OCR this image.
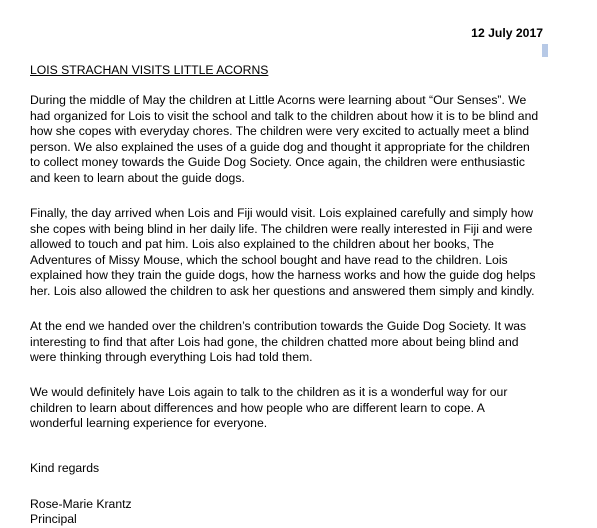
12 July 2017
LOIS STRACHAN VISITS LITTLE ACORNS

During the middle of May the children at Little Acorns were learning about “Our Senses”. We
had organized for Lois to visit the school and talk to the children about how it is to be blind and
how she copes with everyday chores. The children were very excited to actually meet a blind
person. We also explained the uses of a guide dog and thought it appropriate for the children
to collect money towards the Guide Dog Society. Once again, the children were enthusiastic
and keen to learn about the guide dogs.

Finally, the day arrived when Lois and Fiji would visit. Lois explained carefully and simply how
she copes with being blind in her daily life. The children were really interested in Fiji and were
allowed to touch and pat him. Lois also explained to the children about her books, The
Adventures of Missy Mouse, which the school bought and have read to the children. Lois
explained how they train the guide dogs, how the harness works and how the guide dog helps
her. Lois also allowed the children to ask her questions and answered them simply and kindly.

At the end we handed over the children’s contribution towards the Guide Dog Society. It was
interesting to find that after Lois had gone, the children chatted more about being blind and
were thinking through everything Lois had told them.

We would definitely have Lois again to talk to the children as it is a wonderful way for our
children to learn about differences and how people who are different learn to cope. A
wonderful learning experience for everyone.

Kind regards
Rose-Marie Krantz
Principal
